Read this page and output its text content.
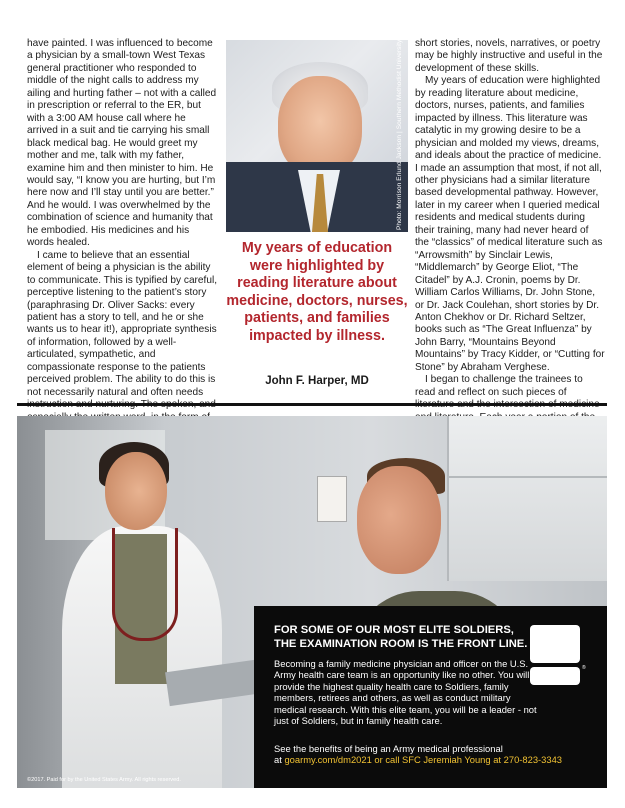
have painted. I was influenced to become a physician by a small-town West Texas general practitioner who responded to middle of the night calls to address my ailing and hurting father – not with a called in prescription or referral to the ER, but with a 3:00 AM house call where he arrived in a suit and tie carrying his small black medical bag. He would greet my mother and me, talk with my father, examine him and then minister to him. He would say, “I know you are hurting, but I’m here now and I’ll stay until you are better.” And he would. I was overwhelmed by the combination of science and humanity that he embodied. His medicines and his words healed.

I came to believe that an essential element of being a physician is the ability to communicate. This is typified by careful, perceptive listening to the patient’s story (paraphrasing Dr. Oliver Sacks: every patient has a story to tell, and he or she wants us to hear it!), appropriate synthesis of information, followed by a well-articulated, sympathetic, and compassionate response to the patients perceived problem. The ability to do this is not necessarily natural and often needs

Photo: Morrison Erlund Jackson | Southern Methodist University
My years of education were highlighted by reading literature about medicine, doctors, nurses, patients, and families impacted by illness.
John F. Harper, MD

short stories, novels, narratives, or poetry may be highly instructive and useful in the development of these skills.

My years of education were highlighted by reading literature about medicine, doctors, nurses, patients, and families impacted by illness. This literature was catalytic in my growing desire to be a physician and molded my views, dreams, and ideals about the practice of medicine. I made an assumption that most, if not all, other physicians had a similar literature based developmental pathway. However, later in my career when I queried medical residents and medical students during their training, many had never heard of the “classics” of medical literature such as “Arrowsmith” by Sinclair Lewis, “Middlemarch” by George Eliot, “The Citadel” by A.J. Cronin, poems by Dr. William Carlos Williams, Dr. John Stone, or Dr. Jack Coulehan, short stories by Dr. Anton Chekhov or Dr. Richard Seltzer, books such as “The Great Influenza” by John Barry, “Mountains Beyond Mountains” by Tracy Kidder, or “Cutting for Stone” by Abraham Verghese.

I began to challenge the trainees to read and reflect on such pieces of

FOR SOME OF OUR MOST ELITE SOLDIERS, THE EXAMINATION ROOM IS THE FRONT LINE.
Becoming a family medicine physician and officer on the U.S. Army health care team is an opportunity like no other. You will provide the highest quality health care to Soldiers, family members, retirees and others, as well as conduct military medical research. With this elite team, you will be a leader - not just of Soldiers, but in family health care.
See the benefits of being an Army medical professional
at goarmy.com/dm2021 or call SFC Jeremiah Young at 270-823-3343
®
©2017. Paid for by the United States Army. All rights reserved.
